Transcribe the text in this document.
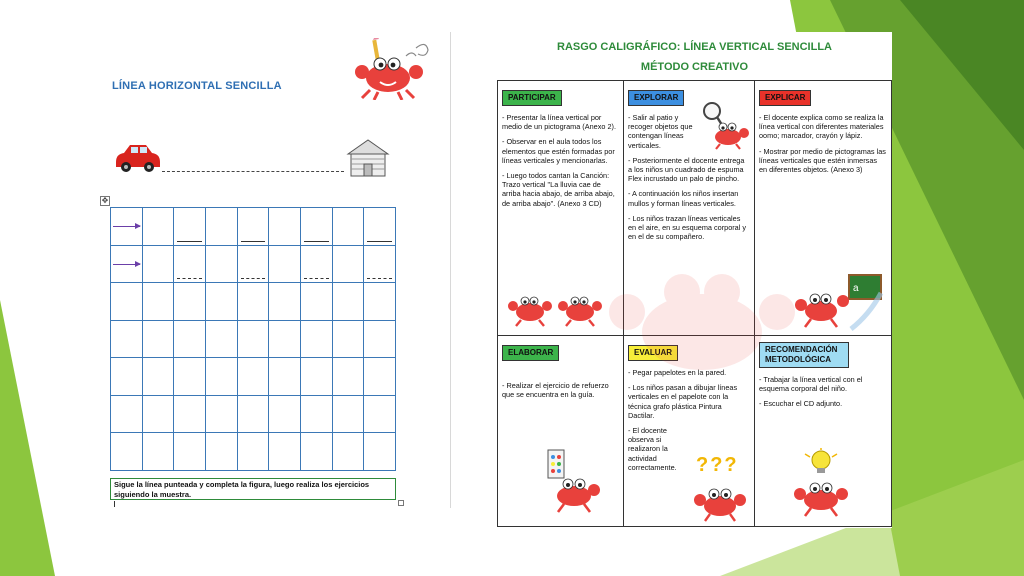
LÍNEA HORIZONTAL SENCILLA
✥
Sigue la línea punteada y completa la figura, luego realiza los ejercicios siguiendo la muestra.
RASGO CALIGRÁFICO: LÍNEA VERTICAL SENCILLA
MÉTODO CREATIVO
PARTICIPAR

- Presentar la línea vertical por medio de un pictograma (Anexo 2).

- Observar en el aula todos los elementos que estén formadas por líneas verticales y mencionarlas.

- Luego todos cantan la Canción: Trazo vertical "La lluvia cae de arriba hacia abajo, de arriba abajo, de arriba abajo". (Anexo 3 CD)

EXPLORAR

- Salir al patio y recoger objetos que contengan líneas verticales.

- Posteriormente el docente entrega a los niños un cuadrado de espuma Flex incrustado un palo de pincho.

- A continuación los niños insertan mullos y forman líneas verticales.

- Los niños trazan líneas verticales en el aire, en su esquema corporal y en el de su compañero.

EXPLICAR

- El docente explica como se realiza la línea vertical con diferentes materiales oomo; marcador, crayón y lápiz.

- Mostrar por medio de pictogramas las líneas verticales que estén inmersas en diferentes objetos. (Anexo 3)

a
ELABORAR

- Realizar el ejercicio de refuerzo que se encuentra en la guía.

EVALUAR

- Pegar papelotes en la pared.

- Los niños pasan a dibujar líneas verticales en el papelote con la técnica grafo plástica Pintura Dactilar.

- El docente observa si realizaron la actividad correctamente. ???
RECOMENDACIÓN METODOLÓGICA

- Trabajar la línea vertical con el esquema corporal del niño.

- Escuchar el CD adjunto.
